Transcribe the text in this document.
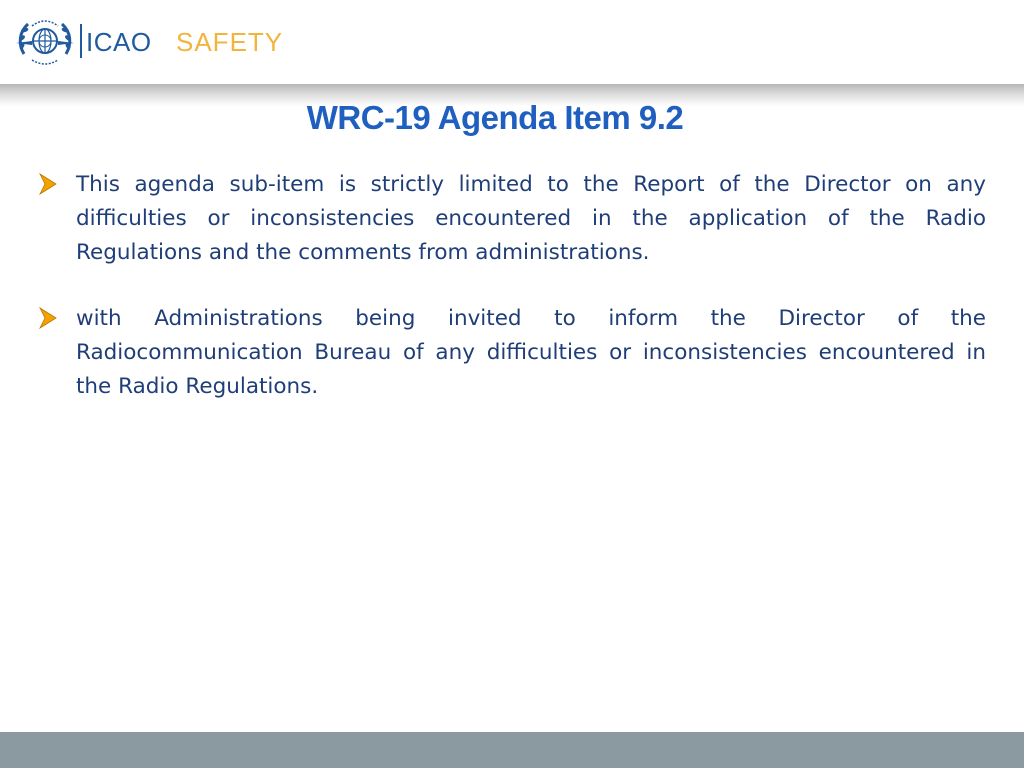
ICAO SAFETY
WRC-19 Agenda Item 9.2
This agenda sub-item is strictly limited to the Report of the Director on any difficulties or inconsistencies encountered in the application of the Radio Regulations and the comments from administrations.
with Administrations being invited to inform the Director of the Radiocommunication Bureau of any difficulties or inconsistencies encountered in the Radio Regulations.
